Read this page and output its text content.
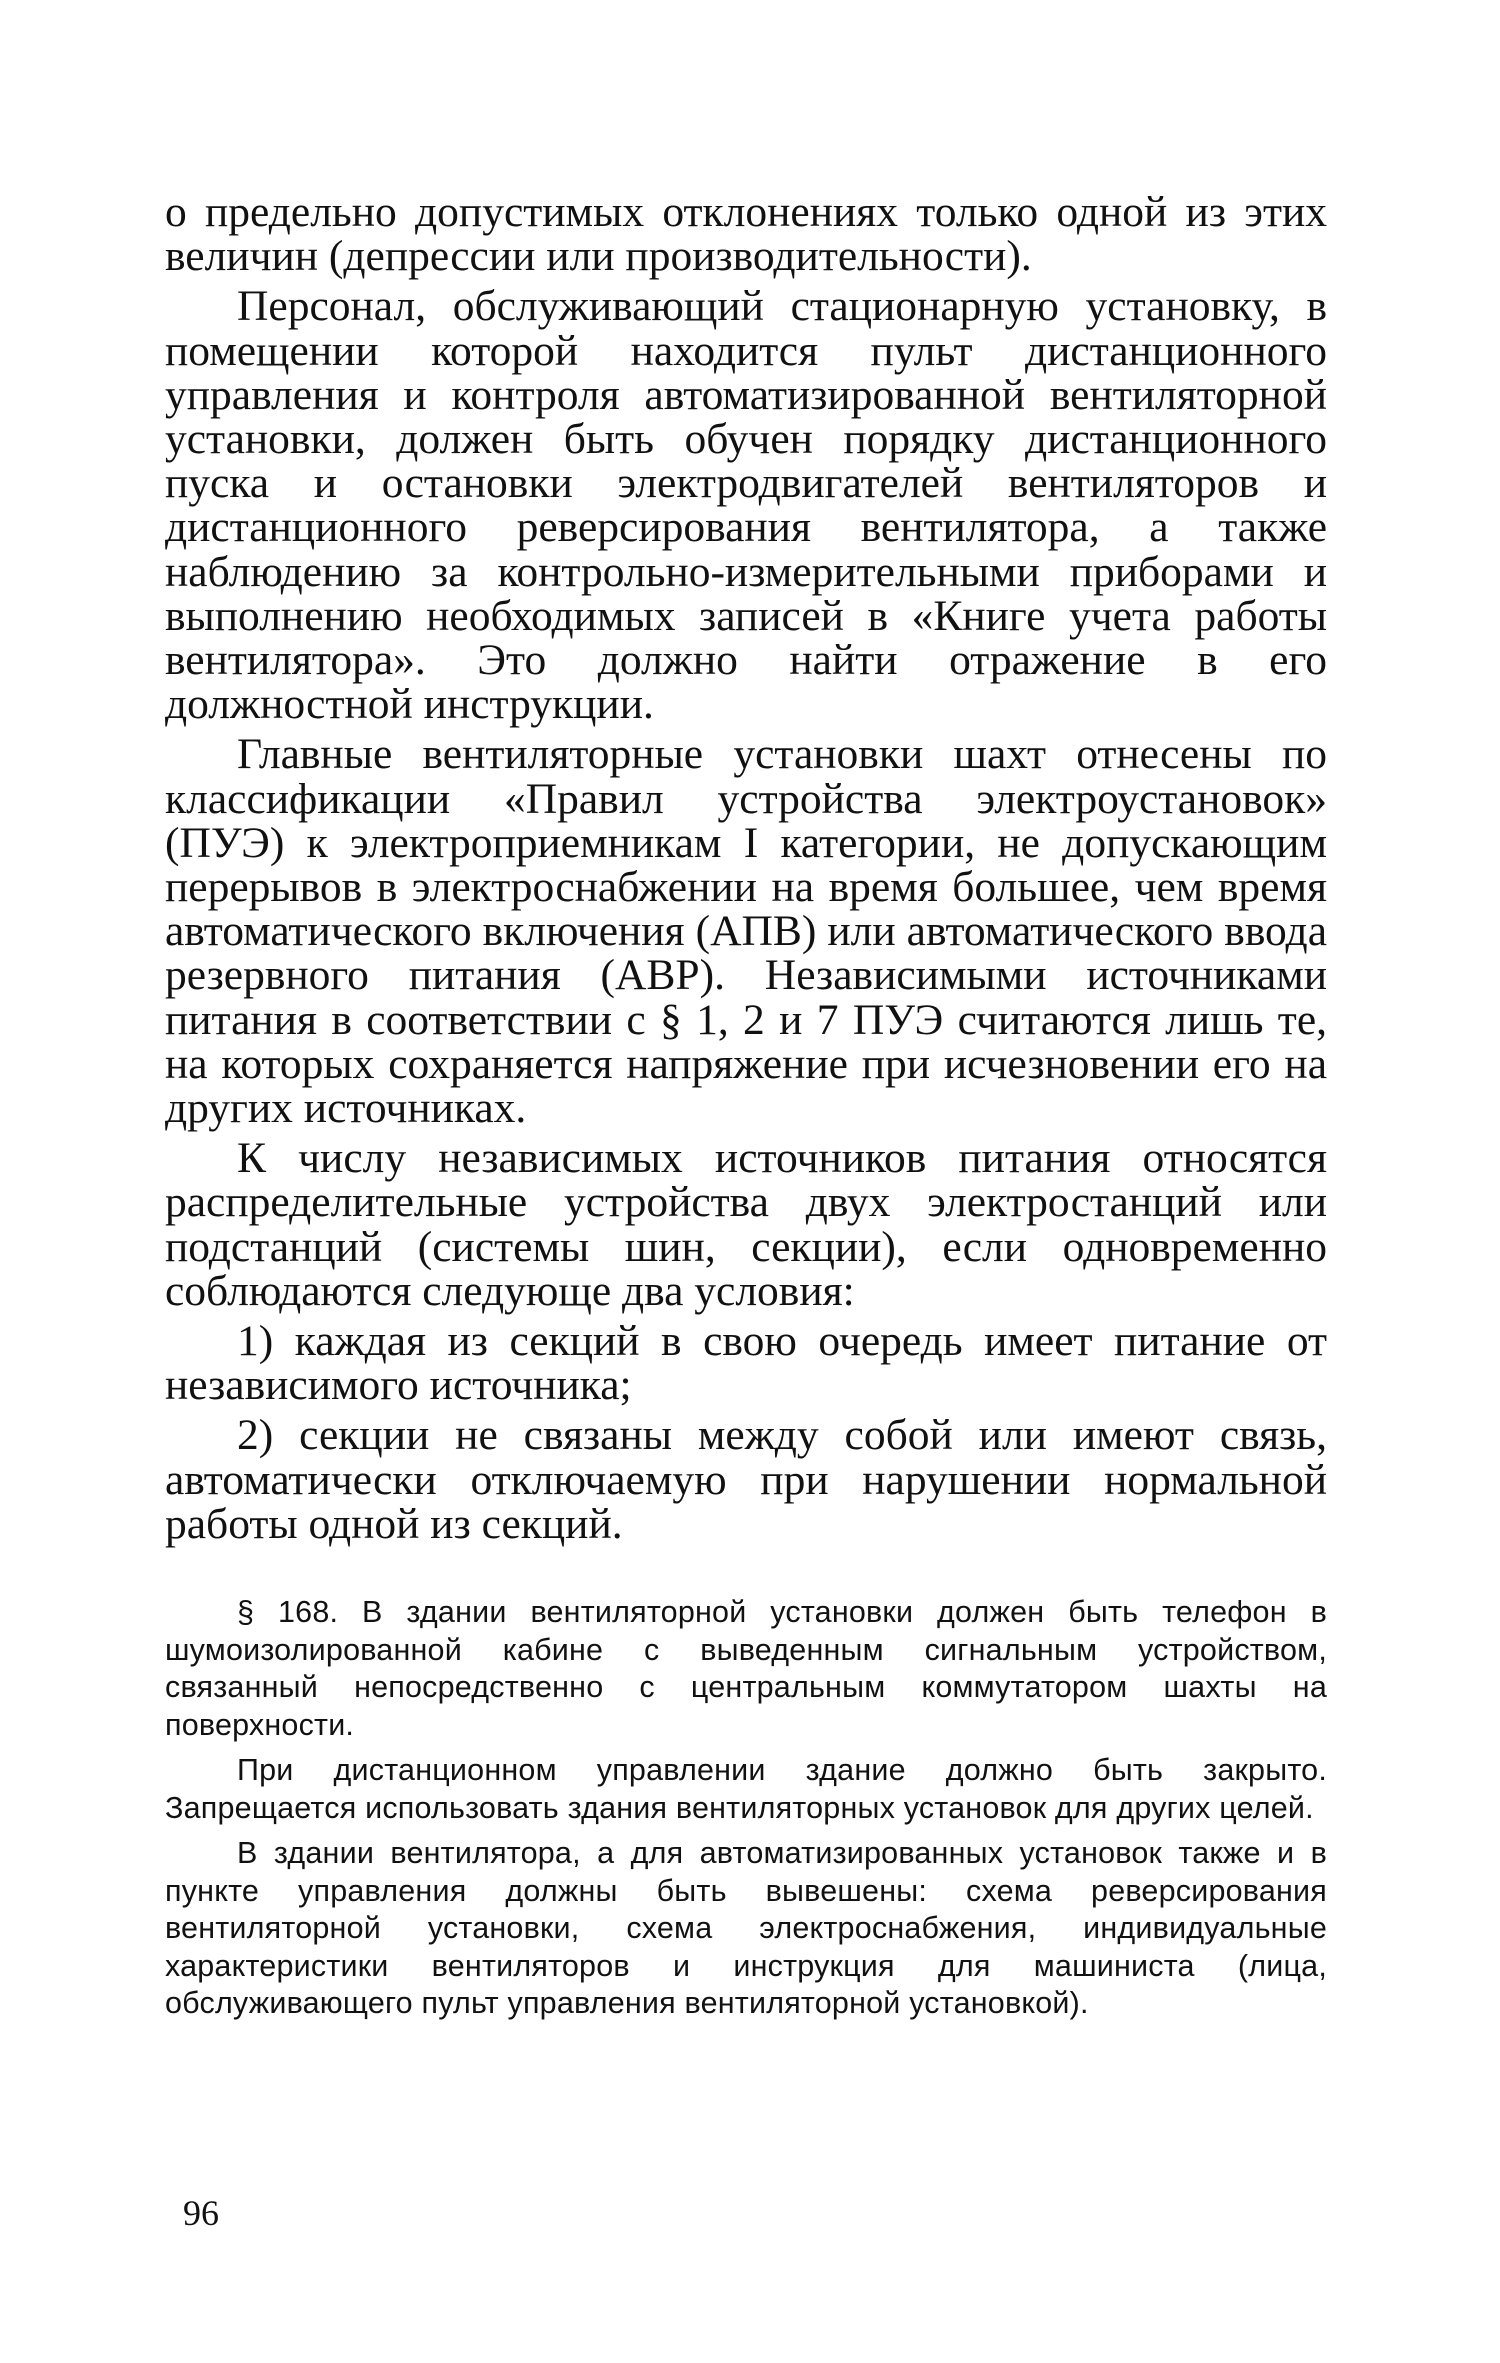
о предельно допустимых отклонениях только одной из этих величин (депрессии или производительности).

Персонал, обслуживающий стационарную установку, в помещении которой находится пульт дистанционного управления и контроля автоматизированной вентиляторной установки, должен быть обучен порядку дистанционного пуска и остановки электродвигателей вентиляторов и дистанционного реверсирования вентилятора, а также наблюдению за контрольно-измерительными приборами и выполнению необходимых записей в «Книге учета работы вентилятора». Это должно найти отражение в его должностной инструкции.

Главные вентиляторные установки шахт отнесены по классификации «Правил устройства электроустановок» (ПУЭ) к электроприемникам I категории, не допускающим перерывов в электроснабжении на время большее, чем время автоматического включения (АПВ) или автоматического ввода резервного питания (АВР). Независимыми источниками питания в соответствии с § 1, 2 и 7 ПУЭ считаются лишь те, на которых сохраняется напряжение при исчезновении его на других источниках.

К числу независимых источников питания относятся распределительные устройства двух электростанций или подстанций (системы шин, секции), если одновременно соблюдаются следующе два условия:

1) каждая из секций в свою очередь имеет питание от независимого источника;

2) секции не связаны между собой или имеют связь, автоматически отключаемую при нарушении нормальной работы одной из секций.

§ 168. В здании вентиляторной установки должен быть телефон в шумоизолированной кабине с выведенным сигнальным устройством, связанный непосредственно с центральным коммутатором шахты на поверхности.

При дистанционном управлении здание должно быть закрыто. Запрещается использовать здания вентиляторных установок для других целей.

В здании вентилятора, а для автоматизированных установок также и в пункте управления должны быть вывешены: схема реверсирования вентиляторной установки, схема электроснабжения, индивидуальные характеристики вентиляторов и инструкция для машиниста (лица, обслуживающего пульт управления вентиляторной установкой).

96
